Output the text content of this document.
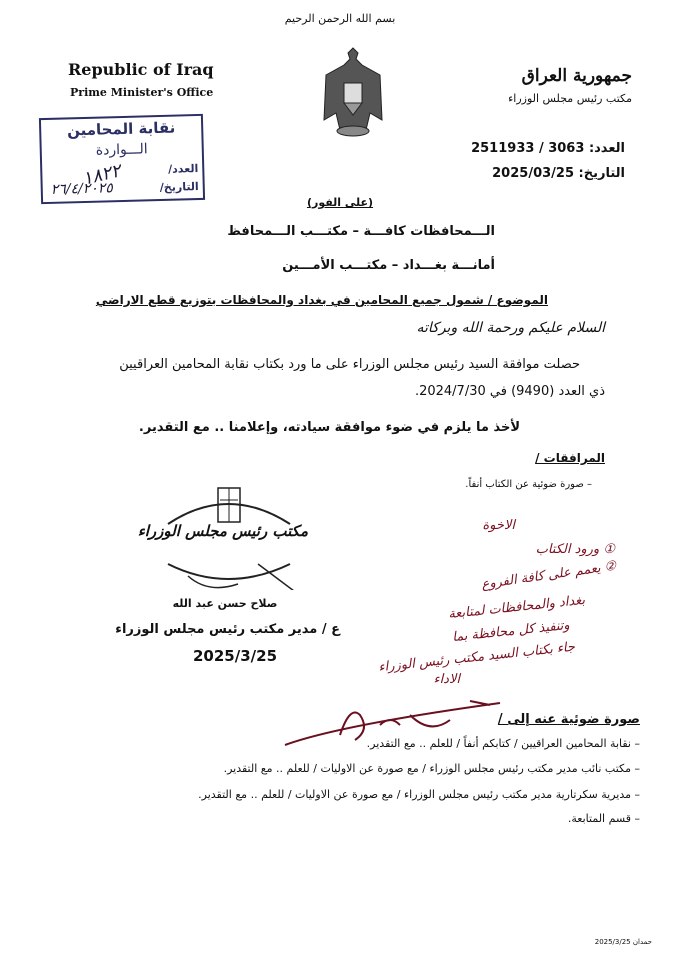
بسم الله الرحمن الرحيم
Republic of Iraq
Prime Minister's Office
جمهورية العراق
مكتب رئيس مجلس الوزراء
نقابة المحامين
الـــواردة
العدد/
التاريخ/
١٨٢٢
٢٦/٤/٢٠٢٥
العدد: 2511933 / 3063
التاريخ: 2025/03/25
(على الفور)
الـــمحافظات كافـــة – مكتـــب الـــمحافظ
أمانـــة بغـــداد – مكتـــب الأمـــين
الموضوع / شمول جميع المحامين في بغداد والمحافظات بتوزيع قطع الاراضي
السلام عليكم ورحمة الله وبركاته
حصلت موافقة السيد رئيس مجلس الوزراء على ما ورد بكتاب نقابة المحامين العراقيين
ذي العدد (9490) في 2024/7/30.
لأخذ ما يلزم في ضوء موافقة سيادته، وإعلامنا .. مع التقدير.
المرافقات /
– صورة ضوئية عن الكتاب أنفاً.
مكتب رئيس مجلس الوزراء
صلاح حسن عبد الله
ع / مدير مكتب رئيس مجلس الوزراء
2025/3/25
الاخوة
① ورود الكتاب
② يعمم على كافة الفروع
بغداد والمحافظات لمتابعة
وتنفيذ كل محافظة بما
جاء بكتاب السيد مكتب رئيس الوزراء
الاداء
صورة ضوئية عنه إلى /
– نقابة المحامين العراقيين / كتابكم أنفاً / للعلم .. مع التقدير.
– مكتب نائب مدير مكتب رئيس مجلس الوزراء / مع صورة عن الاوليات / للعلم .. مع التقدير.
– مديرية سكرتارية مدير مكتب رئيس مجلس الوزراء / مع صورة عن الاوليات / للعلم .. مع التقدير.
– قسم المتابعة.
حمدان 2025/3/25
